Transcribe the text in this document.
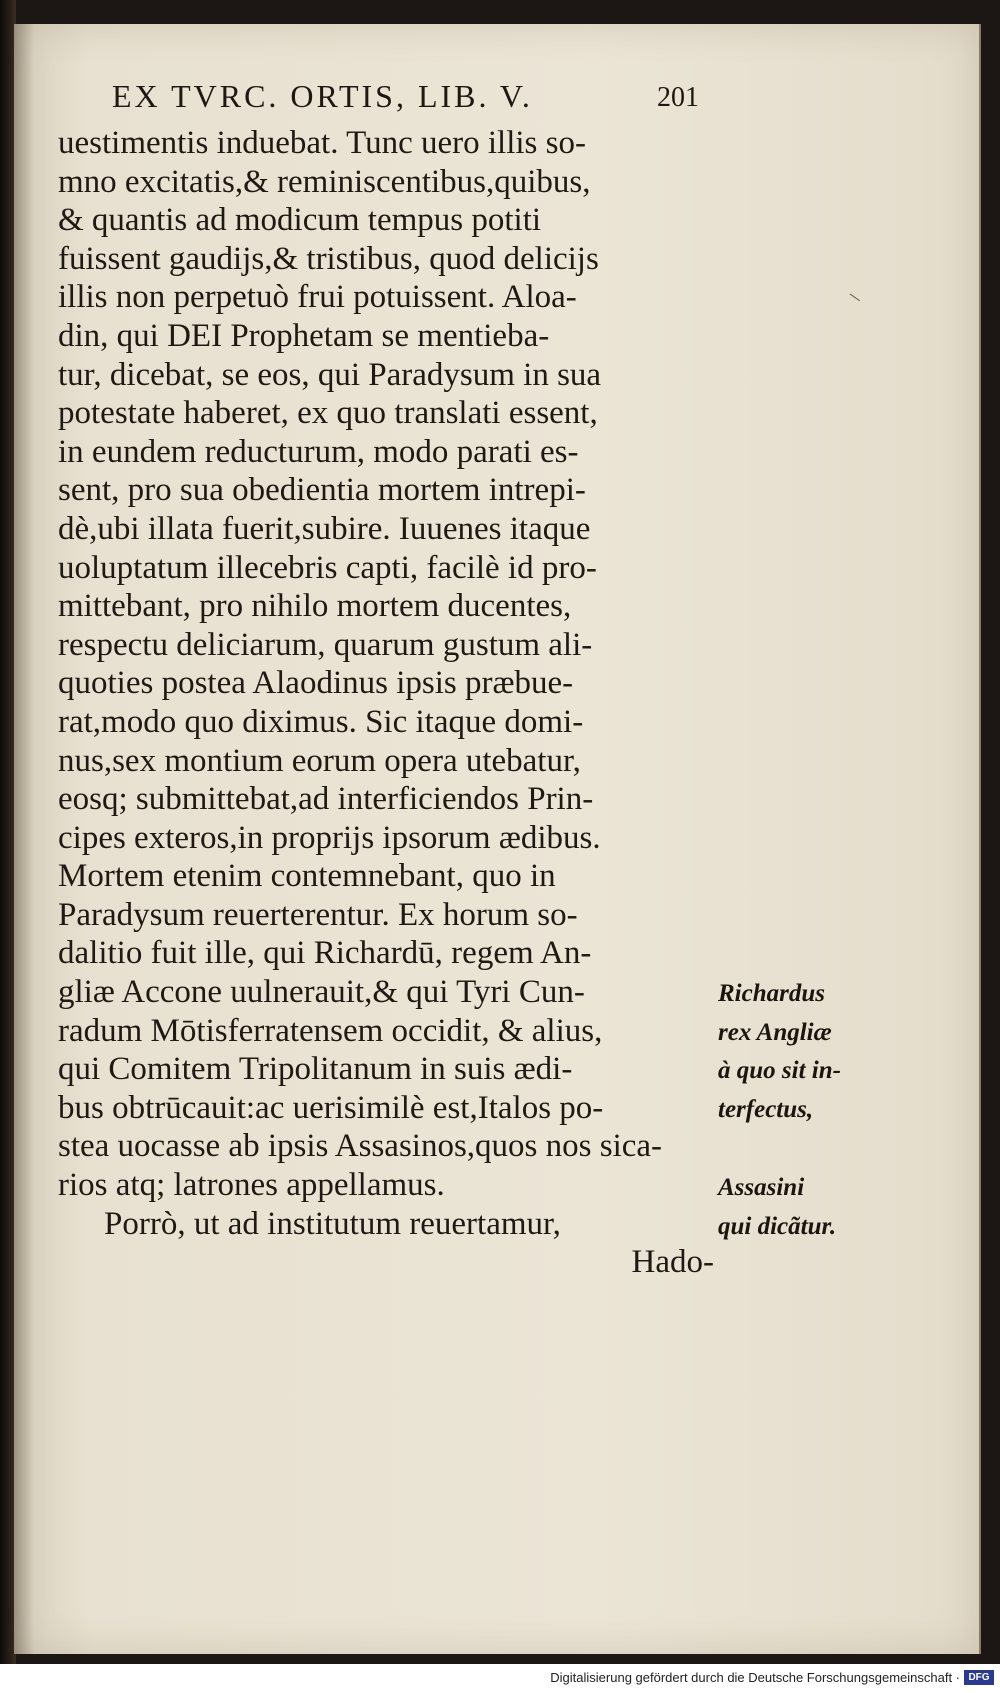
EX TVRC. ORTIS, LIB. V.	201
uestimentis induebat. Tunc uero illis so-
mno excitatis,& reminiscentibus,quibus,
& quantis ad modicum tempus potiti
fuissent gaudijs,& tristibus, quod delicijs
illis non perpetuò frui potuissent. Aloa-
din, qui DEI Prophetam se mentieba-
tur, dicebat, se eos, qui Paradysum in sua
potestate haberet, ex quo translati essent,
in eundem reducturum, modo parati es-
sent, pro sua obedientia mortem intrepi-
dè,ubi illata fuerit,subire. Iuuenes itaque
uoluptatum illecebris capti, facilè id pro-
mittebant, pro nihilo mortem ducentes,
respectu deliciarum, quarum gustum ali-
quoties postea Alaodinus ipsis præbue-
rat,modo quo diximus. Sic itaque domi-
nus,sex montium eorum opera utebatur,
eosq; submittebat,ad interficiendos Prin-
cipes exteros,in proprijs ipsorum ædibus.
Mortem etenim contemnebant, quo in
Paradysum reuerterentur. Ex horum so-
dalitio fuit ille, qui Richardū, regem An-
gliæ Accone uulnerauit,& qui Tyri Cun-
radum Mōtisferratensem occidit, & alius,
qui Comitem Tripolitanum in suis ædi-
bus obtrūcauit:ac uerisimilè est,Italos po-
stea uocasse ab ipsis Assasinos,quos nos sica-
rios atq; latrones appellamus.
Porrò, ut ad institutum reuertamur,
Hado-
Richardus
rex Angliæ
à quo sit in-
terfectus,
Assasini
qui dicãtur.
Digitalisierung gefördert durch die Deutsche Forschungsgemeinschaft · DFG
